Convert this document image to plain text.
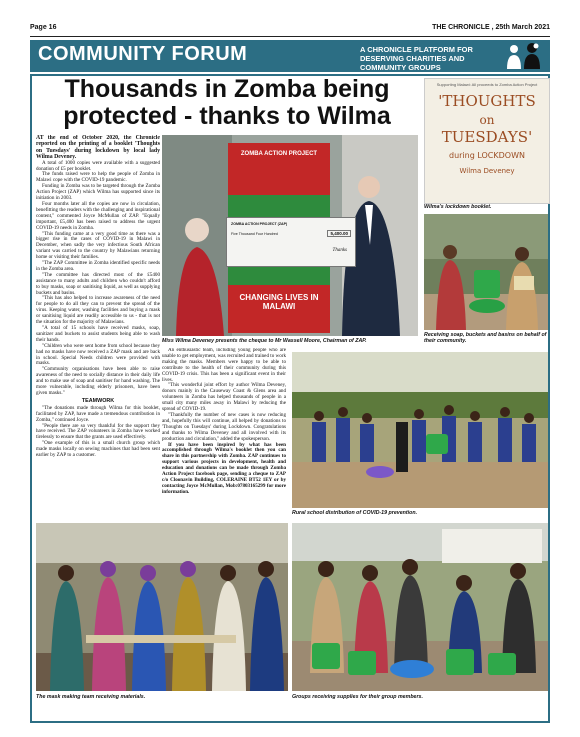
Page 16	THE CHRONICLE , 25th March 2021
COMMUNITY FORUM	A CHRONICLE PLATFORM FOR DESERVING CHARITIES AND COMMUNITY GROUPS
Thousands in Zomba being protected - thanks to Wilma

AT the end of October 2020, the Chronicle reported on the printing of a booklet 'Thoughts on Tuesdays' during lockdown by local lady Wilma Deveney.

A total of 1000 copies were available with a suggested donation of £5 per booklet.

The funds raised were to help the people of Zomba in Malawi cope with the COVID-19 pandemic.

Funding in Zomba was to be targeted through the Zomba Action Project (ZAP) which Wilma has supported since its initiation in 2003.

Four months later all the copies are now in circulation, benefitting the readers with the challenging and inspirational content," commented Joyce McMullan of ZAP. "Equally important, £5,400 has been raised to address the urgent COVID-19 needs in Zomba.

"This funding came at a very good time as there was a bigger rise in the cases of COVID-19 in Malawi in December, when sadly the very infectious South African variant was carried to the country by Malawians returning home or visiting their families.

"The ZAP Committee in Zomba identified specific needs in the Zomba area.

"The committee has directed most of the £5400 assistance to many adults and children who couldn't afford to buy masks, soap or sanitising liquid, as well as supplying buckets and basins.

"This has also helped to increase awareness of the need for people to do all they can to prevent the spread of the virus. Keeping water, washing facilities and buying a mask or sanitising liquid are readily accessible to us - that is not the situation for the majority of Malawians.

"A total of 15 schools have received masks, soap, sanitizer and buckets to assist students being able to wash their hands.

"Children who were sent home from school because they had no masks have now received a ZAP mask and are back in school. Special Needs children were provided with masks.

"Community organisations have been able to raise awareness of the need to socially distance in their daily life and to make use of soap and sanitiser for hand washing. The more vulnerable, including elderly prisoners, have been given masks."

TEAMWORK

"The donations made through Wilma for this booklet, facilitated by ZAP, have made a tremendous contribution in Zomba," continued Joyce.

"People there are so very thankful for the support they have received. The ZAP volunteers in Zomba have worked tirelessly to ensure that the grants are used effectively.

"One example of this is a small church group which made masks locally on sewing machines that had been sent earlier by ZAP to a customer.

ZOMBA ACTION PROJECT
CHANGING LIVES IN MALAWI
ZOMBA ACTION PROJECT (ZAP)
Five Thousand Four Hundred	5,400.00
Thanks
Miss Wilma Deveney presents the cheque to Mr Wassell Moore, Chairman of ZAP.

An enthusiastic team, including young people who are unable to get employment, was recruited and trained to work making the masks. Members were happy to be able to contribute to the health of their community during this COVID-19 crisis. This has been a significant event in their lives.

"This wonderful joint effort by author Wilma Deveney, donors mainly in the Causeway Coast & Glens area and volunteers in Zomba has helped thousands of people in a small city many miles away in Malawi by reducing the spread of COVID-19.

"Thankfully the number of new cases is now reducing and, hopefully this will continue, all helped by donations to 'Thoughts on Tuesdays' during Lockdown. Congratulations and thanks to Wilma Deveney and all involved with its production and circulation," added the spokesperson.

If you have been inspired by what has been accomplished through Wilma's booklet then you can share in this partnership with Zomba. ZAP continues to support various projects in development, health and education and donations can be made through Zomba Action Project facebook page, sending a cheque to ZAP c/o Cloonavin Building, COLERAINE BT52 1EY or by contacting Joyce McMullan, Mob:07803165299 for more information.

Supporting Malawi: All proceeds to Zomba Action Project
'THOUGHTS
on
TUESDAYS'
during LOCKDOWN
Wilma Deveney
Wilma's lockdown booklet.
Receiving soap, buckets and basins on behalf of their community.
Rural school distribution of COVID-19 prevention.
The mask making team receiving materials.	Groups receiving supplies for their group members.
